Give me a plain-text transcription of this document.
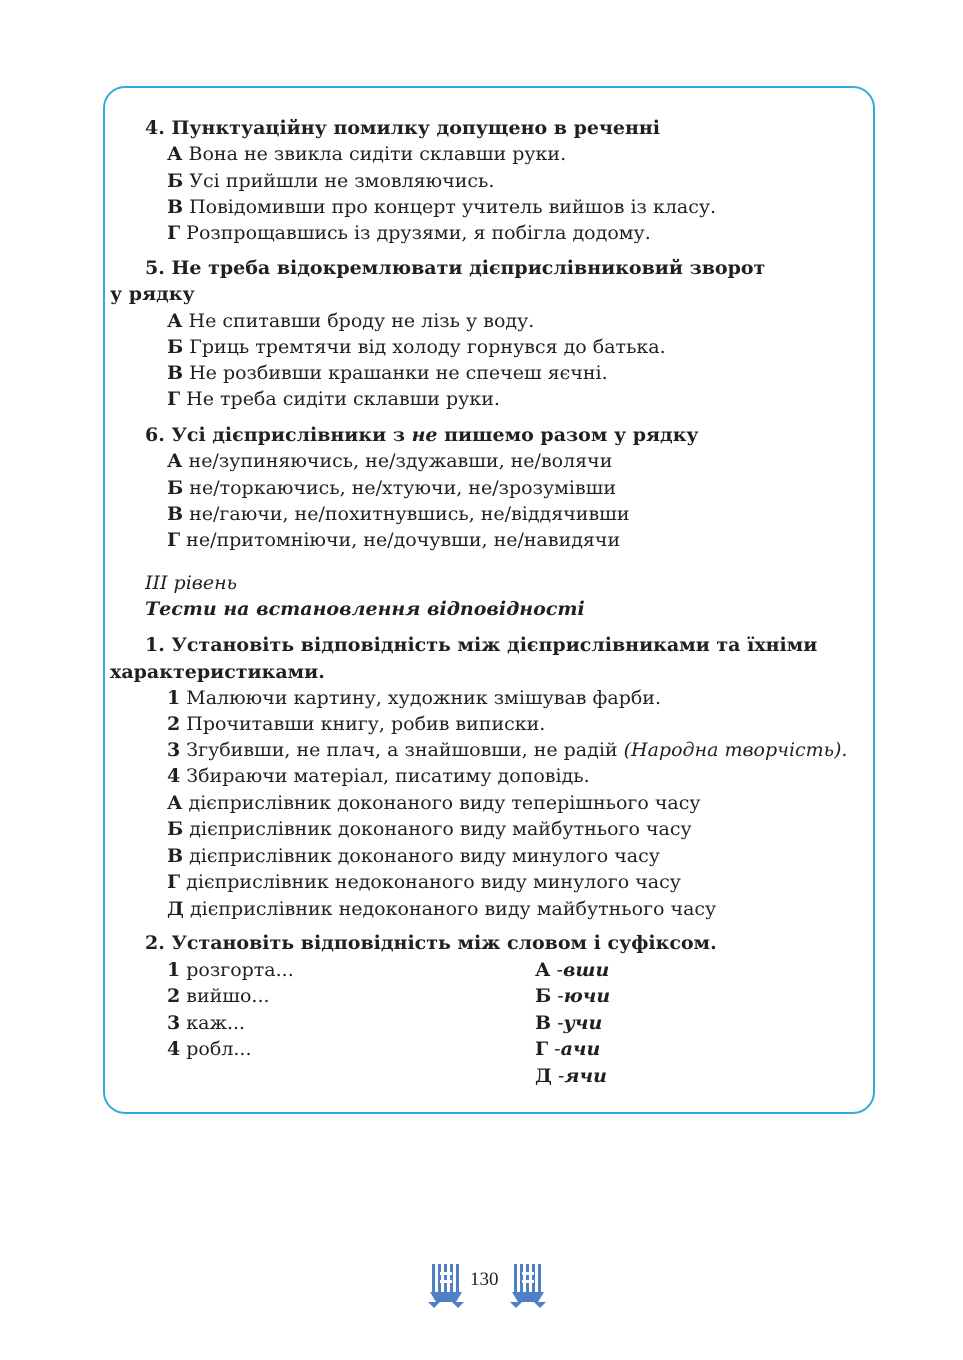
4. Пунктуаційну помилку допущено в реченні
А Вона не звикла сидіти склавши руки.
Б Усі прийшли не змовляючись.
В Повідомивши про концерт учитель вийшов із класу.
Г Розпрощавшись із друзями, я побігла додому.
5. Не треба відокремлювати дієприслівниковий зворот
у рядку
А Не спитавши броду не лізь у воду.
Б Гриць тремтячи від холоду горнувся до батька.
В Не розбивши крашанки не спечеш яєчні.
Г Не треба сидіти склавши руки.
6. Усі дієприслівники з не пишемо разом у рядку
А не/зупиняючись, не/здужавши, не/волячи
Б не/торкаючись, не/хтуючи, не/зрозумівши
В не/гаючи, не/похитнувшись, не/віддячивши
Г не/притомніючи, не/дочувши, не/навидячи
ІІІ рівень
Тести на встановлення відповідності
1. Установіть відповідність між дієприслівниками та їхніми
характеристиками.
1 Малюючи картину, художник змішував фарби.
2 Прочитавши книгу, робив виписки.
3 Згубивши, не плач, а знайшовши, не радій (Народна творчість).
4 Збираючи матеріал, писатиму доповідь.
А дієприслівник доконаного виду теперішнього часу
Б дієприслівник доконаного виду майбутнього часу
В дієприслівник доконаного виду минулого часу
Г дієприслівник недоконаного виду минулого часу
Д дієприслівник недоконаного виду майбутнього часу
2. Установіть відповідність між словом і суфіксом.
1 розгорта...
2 вийшо...
3 каж...
4 робл...
А -вши
Б -ючи
В -учи
Г -ачи
Д -ячи
130
